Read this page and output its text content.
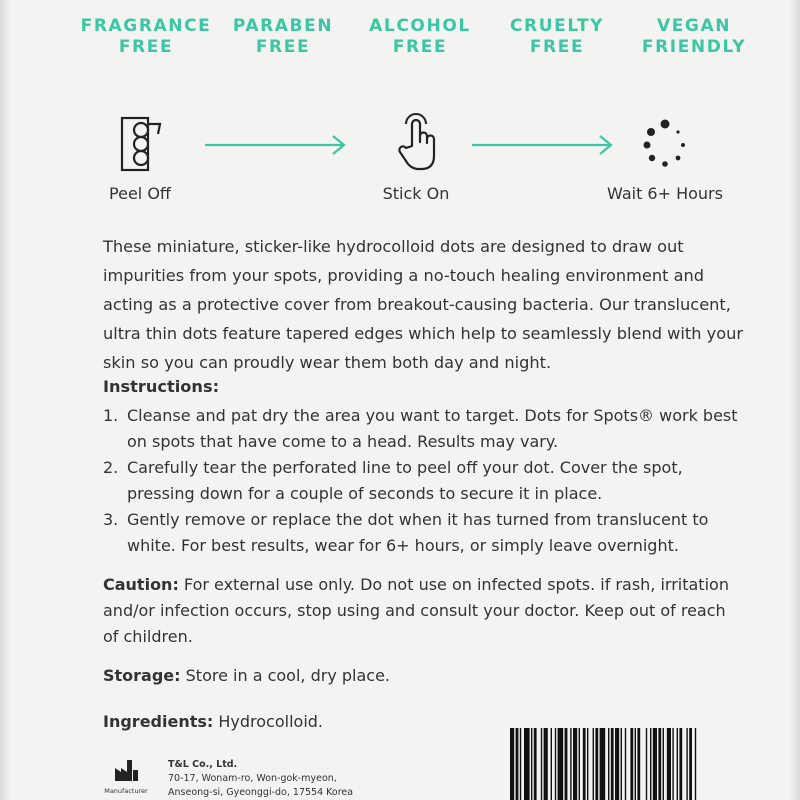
FRAGRANCE FREE
PARABEN FREE
ALCOHOL FREE
CRUELTY FREE
VEGAN FRIENDLY
Peel Off	Stick On	Wait 6+ Hours
These miniature, sticker-like hydrocolloid dots are designed to draw out impurities from your spots, providing a no-touch healing environment and acting as a protective cover from breakout-causing bacteria. Our translucent, ultra thin dots feature tapered edges which help to seamlessly blend with your skin so you can proudly wear them both day and night.
Instructions:
1. Cleanse and pat dry the area you want to target. Dots for Spots® work best on spots that have come to a head. Results may vary.
2. Carefully tear the perforated line to peel off your dot. Cover the spot, pressing down for a couple of seconds to secure it in place.
3. Gently remove or replace the dot when it has turned from translucent to white. For best results, wear for 6+ hours, or simply leave overnight.
Caution: For external use only. Do not use on infected spots. if rash, irritation and/or infection occurs, stop using and consult your doctor. Keep out of reach of children.
Storage: Store in a cool, dry place.
Ingredients: Hydrocolloid.
Manufacturer
T&L Co., Ltd.
70-17, Wonam-ro, Won-gok-myeon,
Anseong-si, Gyeonggi-do, 17554 Korea
